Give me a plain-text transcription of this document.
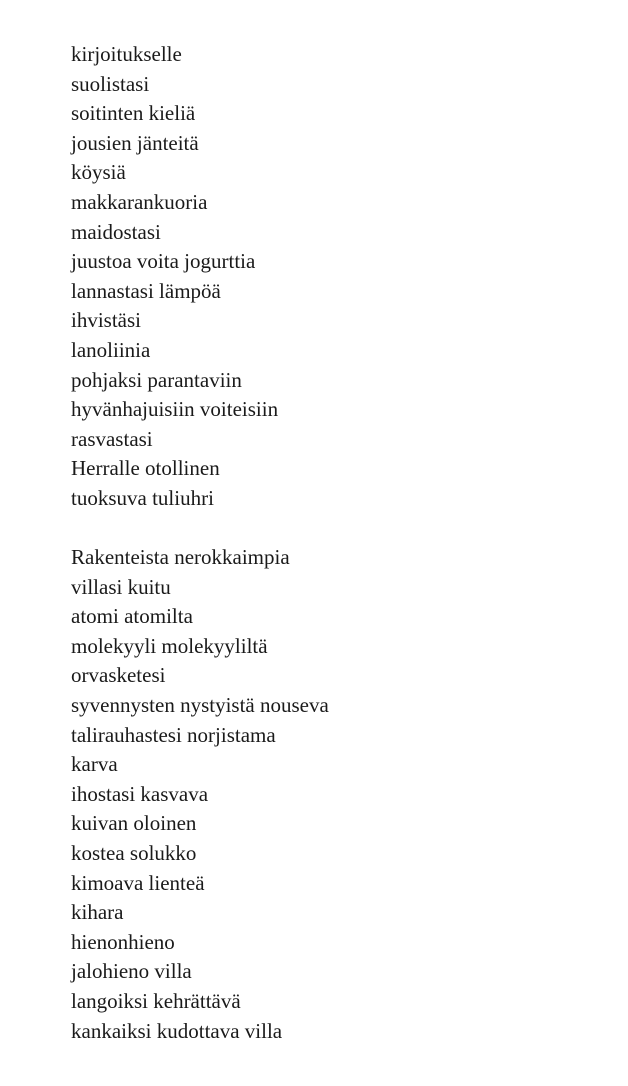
kirjoitukselle
suolistasi
soitinten kieliä
jousien jänteitä
köysiä
makkarankuoria
maidostasi
juustoa voita jogurttia
lannastasi lämpöä
ihvistäsi
lanoliinia
pohjaksi parantaviin
hyvänhajuisiin voiteisiin
rasvastasi
Herralle otollinen
tuoksuva tuliuhri
Rakenteista nerokkaimpia
villasi kuitu
atomi atomilta
molekyyli molekyyliltä
orvasketesi
syvennysten nystyistä nouseva
talirauhastesi norjistama
karva
ihostasi kasvava
kuivan oloinen
kostea solukko
kimoava lienteä
kihara
hienonhieno
jalohieno villa
langoiksi kehrättävä
kankaiksi kudottava villa
